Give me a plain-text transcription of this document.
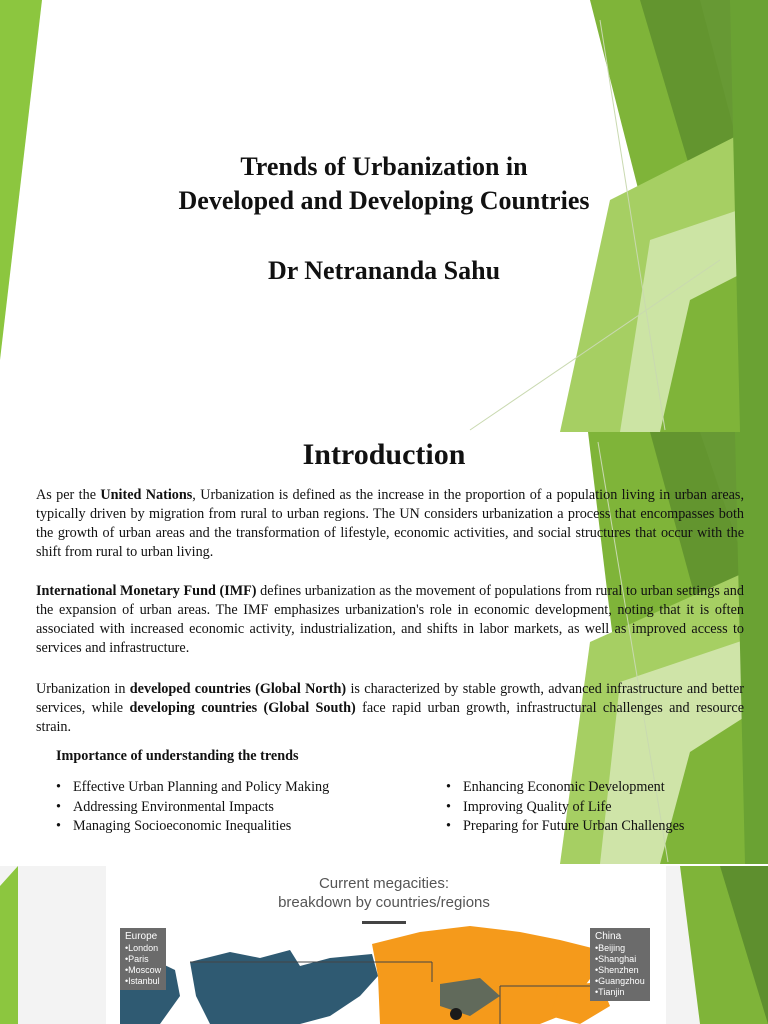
Trends of Urbanization in
Developed and Developing Countries
Dr Netrananda Sahu
Introduction

As per the United Nations, Urbanization is defined as the increase in the proportion of a population living in urban areas, typically driven by migration from rural to urban regions. The UN considers urbanization a process that encompasses both the growth of urban areas and the transformation of lifestyle, economic activities, and social structures that occur with the shift from rural to urban living.

International Monetary Fund (IMF) defines urbanization as the movement of populations from rural to urban settings and the expansion of urban areas. The IMF emphasizes urbanization's role in economic development, noting that it is often associated with increased economic activity, industrialization, and shifts in labor markets, as well as improved access to services and infrastructure.

Urbanization in developed countries (Global North) is characterized by stable growth, advanced infrastructure and better services, while developing countries (Global South) face rapid urban growth, infrastructural challenges and resource strain.

Importance of understanding the trends
• Effective Urban Planning and Policy Making
• Addressing Environmental Impacts
• Managing Socioeconomic Inequalities
• Enhancing Economic Development
• Improving Quality of Life
• Preparing for Future Urban Challenges
Current megacities:
breakdown by countries/regions
Europe
• London
• Paris
• Moscow
• Istanbul
China
• Beijing
• Shanghai
• Shenzhen
• Guangzhou
• Tianjin
